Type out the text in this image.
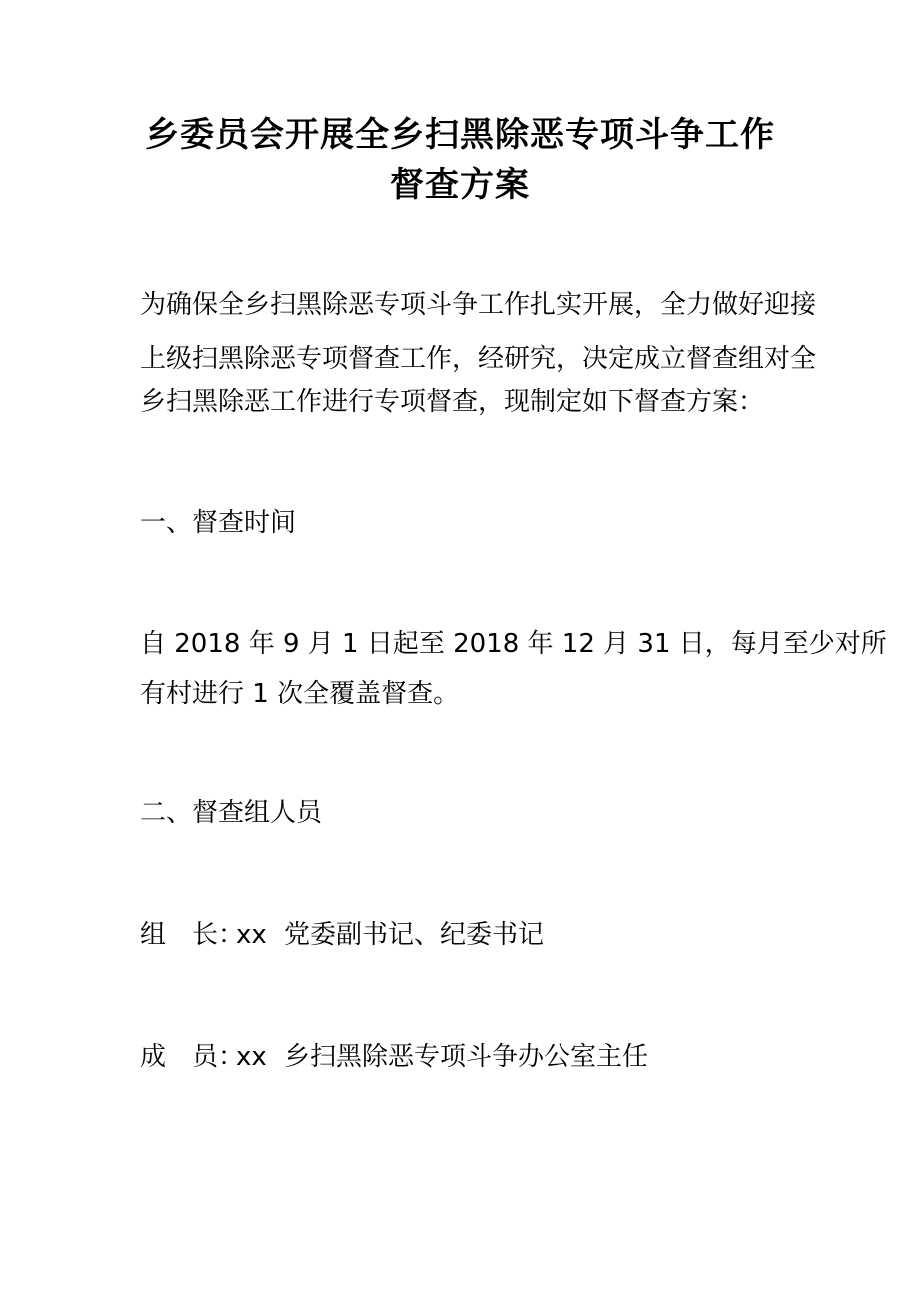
乡委员会开展全乡扫黑除恶专项斗争工作
督查方案

为确保全乡扫黑除恶专项斗争工作扎实开展，全力做好迎接

上级扫黑除恶专项督查工作，经研究，决定成立督查组对全

乡扫黑除恶工作进行专项督查，现制定如下督查方案：

一、督查时间

自 2018 年 9 月 1 日起至 2018 年 12 月 31 日，每月至少对所

有村进行 1 次全覆盖督查。

二、督查组人员

组　长：xx 党委副书记、纪委书记

成　员：xx 乡扫黑除恶专项斗争办公室主任
